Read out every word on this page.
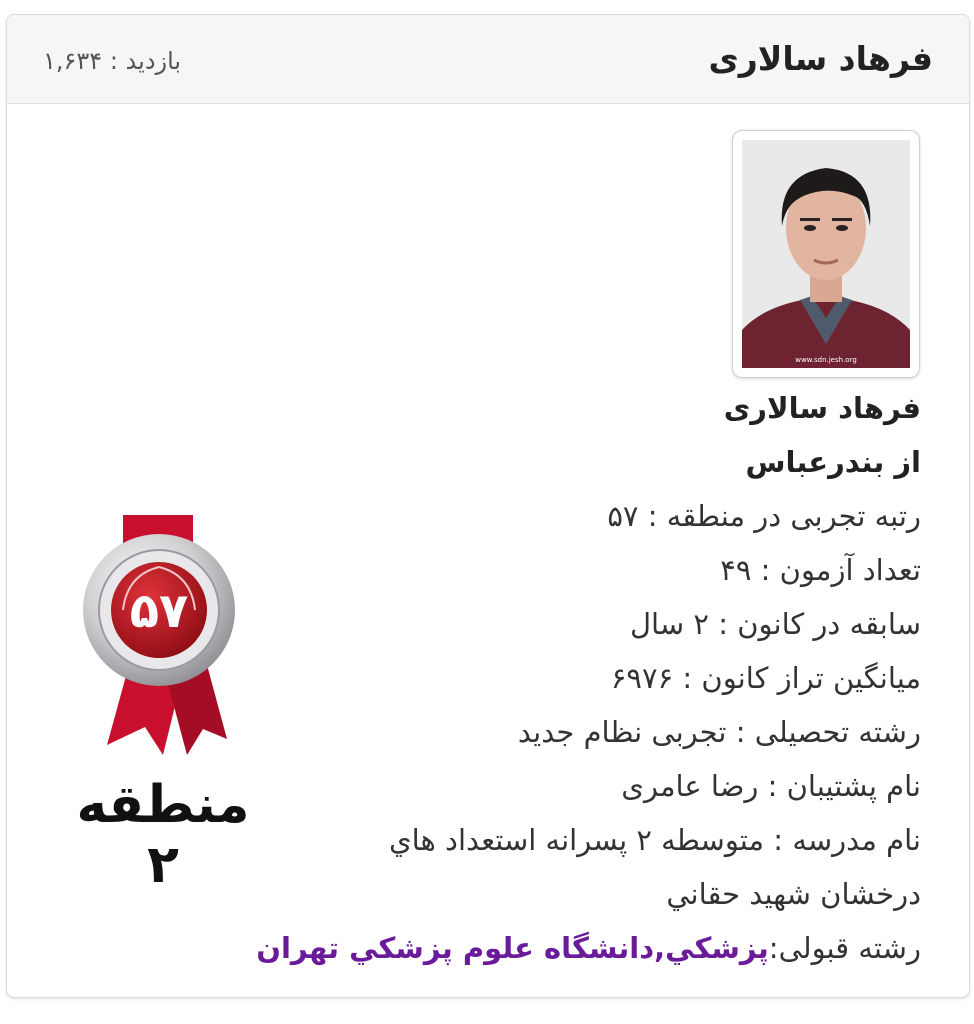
فرهاد سالاری
بازدید : ۱,۶۳۴
www.sdn.jesh.org
فرهاد سالاری
از بندرعباس
رتبه تجربی در منطقه : ۵۷
تعداد آزمون : ۴۹
سابقه در کانون : ۲ سال
میانگین تراز کانون : ۶۹۷۶
رشته تحصیلی : تجربی نظام جدید
نام پشتیبان : رضا عامری
نام مدرسه : متوسطه ۲ پسرانه استعداد هاي
درخشان شهيد حقاني
رشته قبولی:پزشكي,دانشگاه علوم پزشكي تهران
۵۷
منطقه ۲
